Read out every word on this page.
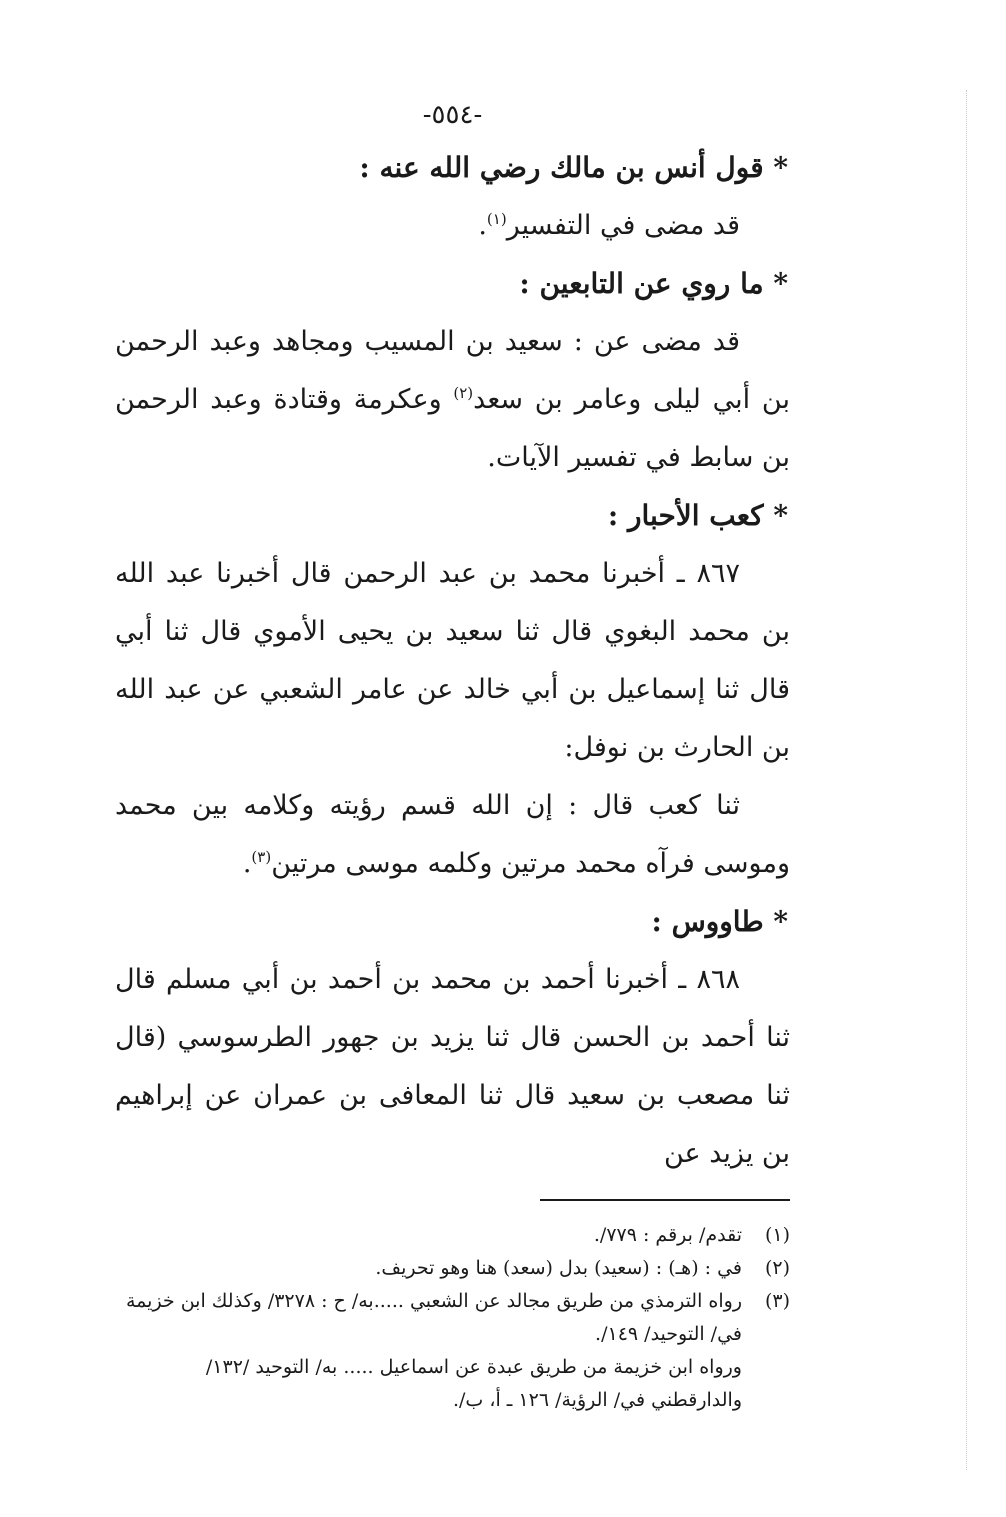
-٥٥٤-
* قول أنس بن مالك رضي الله عنه :
قد مضى في التفسير$^{(١)}$.
* ما روي عن التابعين :
قد مضى عن : سعيد بن المسيب ومجاهد وعبد الرحمن بن أبي ليلى وعامر بن سعد$^{(٢)}$ وعكرمة وقتادة وعبد الرحمن بن سابط في تفسير الآيات.
* كعب الأحبار :
٨٦٧ ـ أخبرنا محمد بن عبد الرحمن قال أخبرنا عبد الله بن محمد البغوي قال ثنا سعيد بن يحيى الأموي قال ثنا أبي قال ثنا إسماعيل بن أبي خالد عن عامر الشعبي عن عبد الله بن الحارث بن نوفل:
ثنا كعب قال : إن الله قسم رؤيته وكلامه بين محمد وموسى فرآه محمد مرتين وكلمه موسى مرتين$^{(٣)}$.
* طاووس :
٨٦٨ ـ أخبرنا أحمد بن محمد بن أحمد بن أبي مسلم قال ثنا أحمد بن الحسن قال ثنا يزيد بن جهور الطرسوسي (قال ثنا مصعب بن سعيد قال ثنا المعافى بن عمران عن إبراهيم بن يزيد عن
(١)
تقدم/ برقم : ٧٧٩/.
(٢)
في : (هـ) : (سعيد) بدل (سعد) هنا وهو تحريف.
(٣)
رواه الترمذي من طريق مجالد عن الشعبي .....به/ ح : ٣٢٧٨/ وكذلك ابن خزيمة في/ التوحيد/ ١٤٩/.
ورواه ابن خزيمة من طريق عبدة عن اسماعيل ..... به/ التوحيد /١٣٢/ والدارقطني في/ الرؤية/ ١٢٦ ـ أ، ب/.
